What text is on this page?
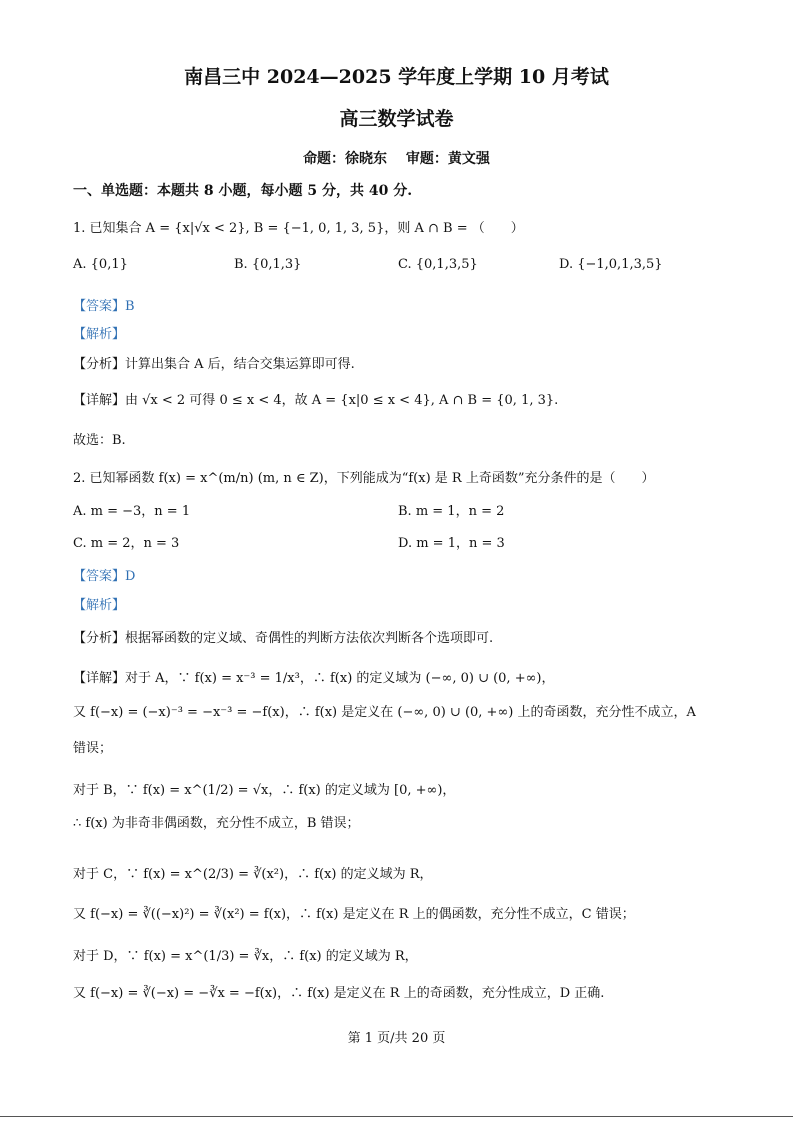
南昌三中 2024—2025 学年度上学期 10 月考试
高三数学试卷
命题：徐晓东　 审题：黄文强
一、单选题：本题共 8 小题，每小题 5 分，共 40 分.
1. 已知集合 A = {x|√x < 2}, B = {−1, 0, 1, 3, 5}，则 A ∩ B = （　　）
A. {0,1}	B. {0,1,3}	C. {0,1,3,5}	D. {−1,0,1,3,5}
【答案】B
【解析】
【分析】计算出集合 A 后，结合交集运算即可得.
【详解】由 √x < 2 可得 0 ≤ x < 4，故 A = {x|0 ≤ x < 4}, A ∩ B = {0, 1, 3}.
故选：B.
2. 已知幂函数 f(x) = x^(m/n) (m, n ∈ Z)，下列能成为“f(x) 是 R 上奇函数”充分条件的是（　　）
A. m = −3，n = 1	B. m = 1，n = 2
C. m = 2，n = 3	D. m = 1，n = 3
【答案】D
【解析】
【分析】根据幂函数的定义域、奇偶性的判断方法依次判断各个选项即可.
【详解】对于 A，∵ f(x) = x⁻³ = 1/x³，∴ f(x) 的定义域为 (−∞, 0) ∪ (0, +∞)，
又 f(−x) = (−x)⁻³ = −x⁻³ = −f(x)，∴ f(x) 是定义在 (−∞, 0) ∪ (0, +∞) 上的奇函数，充分性不成立，A
错误；
对于 B，∵ f(x) = x^(1/2) = √x，∴ f(x) 的定义域为 [0, +∞)，
∴ f(x) 为非奇非偶函数，充分性不成立，B 错误；
对于 C，∵ f(x) = x^(2/3) = ∛(x²)，∴ f(x) 的定义域为 R，
又 f(−x) = ∛((−x)²) = ∛(x²) = f(x)，∴ f(x) 是定义在 R 上的偶函数，充分性不成立，C 错误；
对于 D，∵ f(x) = x^(1/3) = ∛x，∴ f(x) 的定义域为 R，
又 f(−x) = ∛(−x) = −∛x = −f(x)，∴ f(x) 是定义在 R 上的奇函数，充分性成立，D 正确.
第 1 页/共 20 页
